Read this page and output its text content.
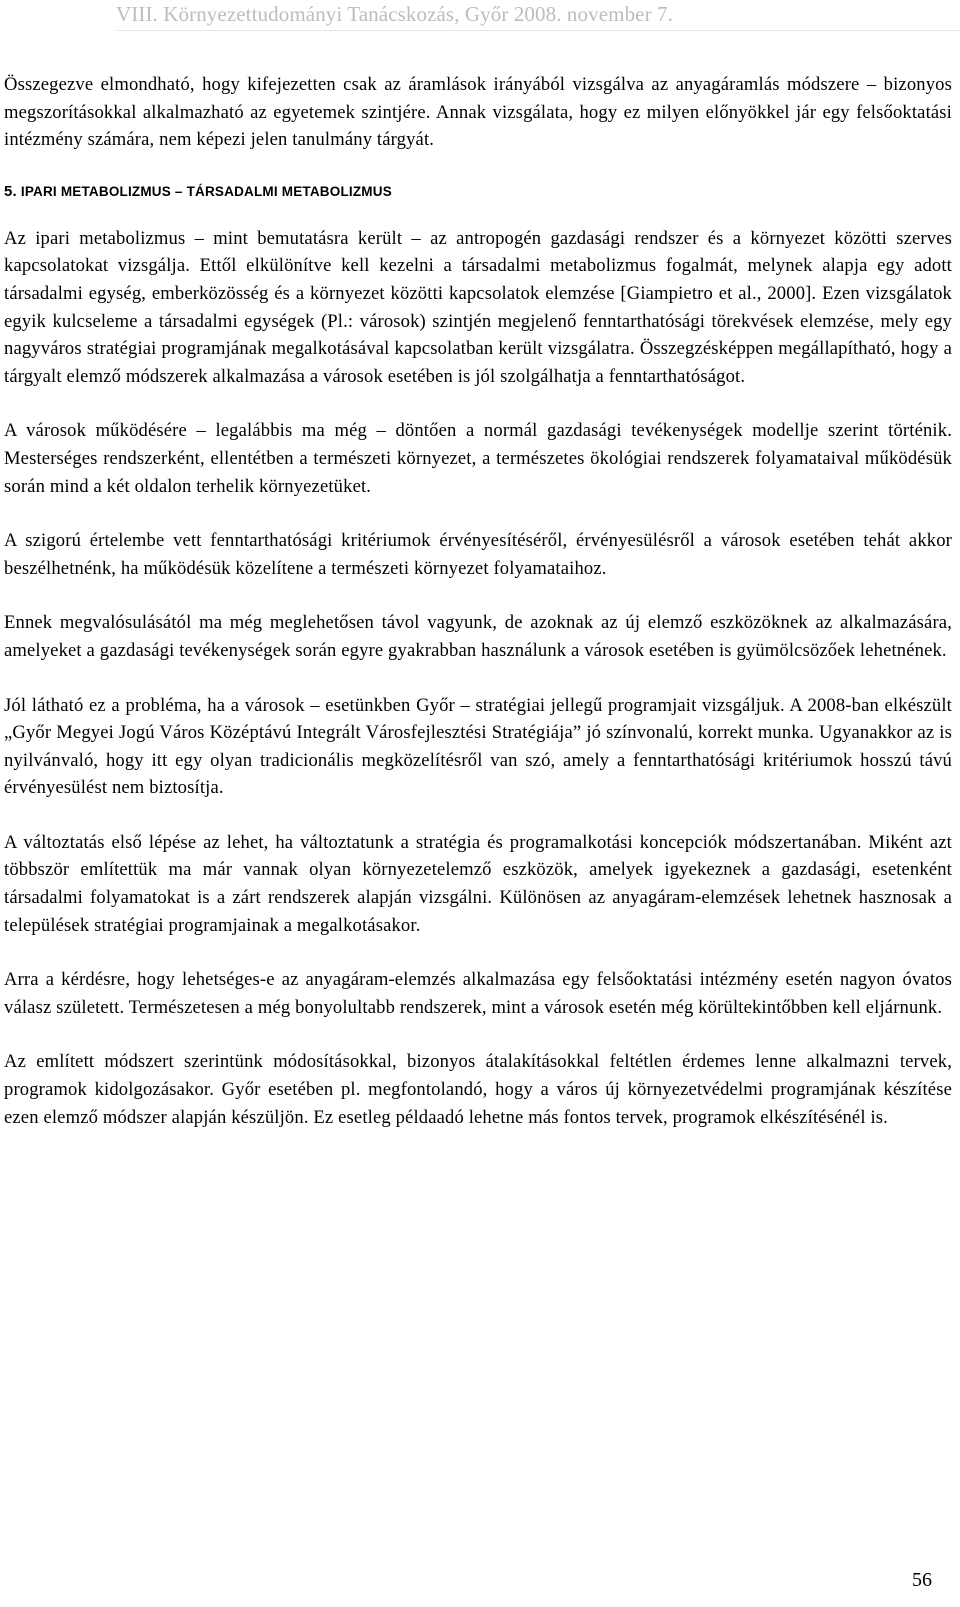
VIII. Környezettudományi Tanácskozás, Győr 2008. november 7.

Összegezve elmondható, hogy kifejezetten csak az áramlások irányából vizsgálva az anyagáramlás módszere – bizonyos megszorításokkal alkalmazható az egyetemek szintjére. Annak vizsgálata, hogy ez milyen előnyökkel jár egy felsőoktatási intézmény számára, nem képezi jelen tanulmány tárgyát.

5. IPARI METABOLIZMUS – TÁRSADALMI METABOLIZMUS

Az ipari metabolizmus – mint bemutatásra került – az antropogén gazdasági rendszer és a környezet közötti szerves kapcsolatokat vizsgálja. Ettől elkülönítve kell kezelni a társadalmi metabolizmus fogalmát, melynek alapja egy adott társadalmi egység, emberközösség és a környezet közötti kapcsolatok elemzése [Giampietro et al., 2000]. Ezen vizsgálatok egyik kulcseleme a társadalmi egységek (Pl.: városok) szintjén megjelenő fenntarthatósági törekvések elemzése, mely egy nagyváros stratégiai programjának megalkotásával kapcsolatban került vizsgálatra. Összegzésképpen megállapítható, hogy a tárgyalt elemző módszerek alkalmazása a városok esetében is jól szolgálhatja a fenntarthatóságot.

A városok működésére – legalábbis ma még – döntően a normál gazdasági tevékenységek modellje szerint történik. Mesterséges rendszerként, ellentétben a természeti környezet, a természetes ökológiai rendszerek folyamataival működésük során mind a két oldalon terhelik környezetüket.

A szigorú értelembe vett fenntarthatósági kritériumok érvényesítéséről, érvényesülésről a városok esetében tehát akkor beszélhetnénk, ha működésük közelítene a természeti környezet folyamataihoz.

Ennek megvalósulásától ma még meglehetősen távol vagyunk, de azoknak az új elemző eszközöknek az alkalmazására, amelyeket a gazdasági tevékenységek során egyre gyakrabban használunk a városok esetében is gyümölcsözőek lehetnének.

Jól látható ez a probléma, ha a városok – esetünkben Győr – stratégiai jellegű programjait vizsgáljuk. A 2008-ban elkészült „Győr Megyei Jogú Város Középtávú Integrált Városfejlesztési Stratégiája” jó színvonalú, korrekt munka. Ugyanakkor az is nyilvánvaló, hogy itt egy olyan tradicionális megközelítésről van szó, amely a fenntarthatósági kritériumok hosszú távú érvényesülést nem biztosítja.

A változtatás első lépése az lehet, ha változtatunk a stratégia és programalkotási koncepciók módszertanában. Miként azt többször említettük ma már vannak olyan környezetelemző eszközök, amelyek igyekeznek a gazdasági, esetenként társadalmi folyamatokat is a zárt rendszerek alapján vizsgálni. Különösen az anyagáram-elemzések lehetnek hasznosak a települések stratégiai programjainak a megalkotásakor.

Arra a kérdésre, hogy lehetséges-e az anyagáram-elemzés alkalmazása egy felsőoktatási intézmény esetén nagyon óvatos válasz született. Természetesen a még bonyolultabb rendszerek, mint a városok esetén még körültekintőbben kell eljárnunk.

Az említett módszert szerintünk módosításokkal, bizonyos átalakításokkal feltétlen érdemes lenne alkalmazni tervek, programok kidolgozásakor. Győr esetében pl. megfontolandó, hogy a város új környezetvédelmi programjának készítése ezen elemző módszer alapján készüljön. Ez esetleg példaadó lehetne más fontos tervek, programok elkészítésénél is.

56
